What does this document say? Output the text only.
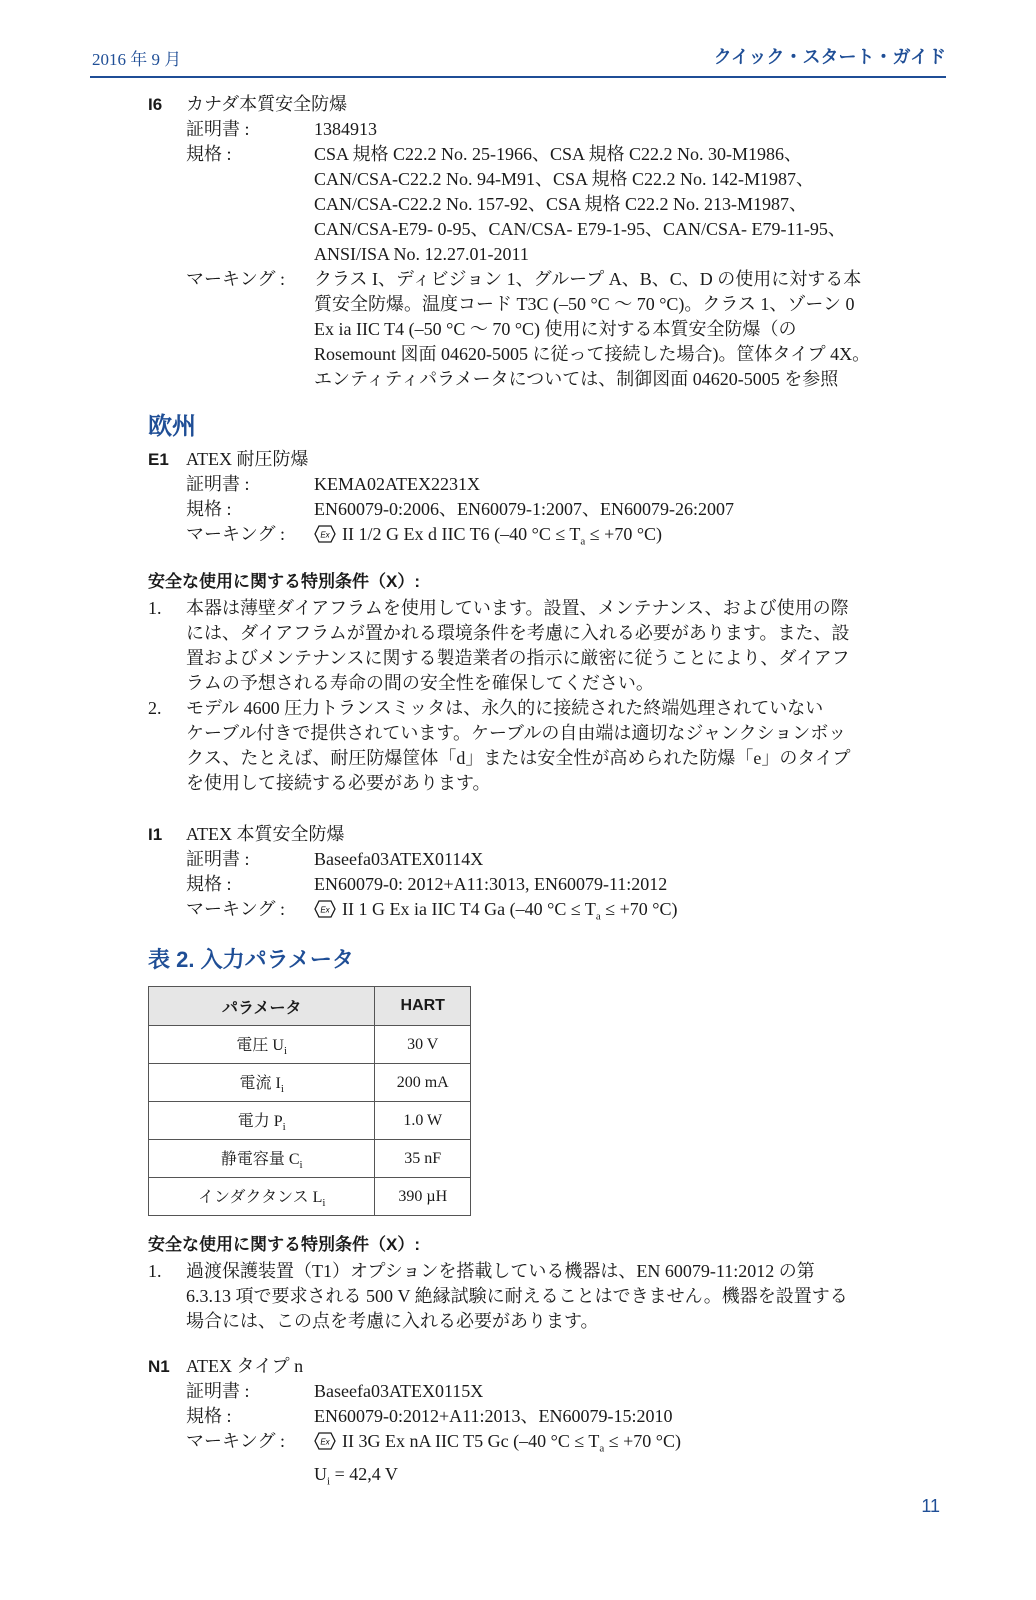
2016 年 9 月	クイック・スタート・ガイド
I6 カナダ本質安全防爆
証明書 :	1384913
規格 :	CSA 規格 C22.2 No. 25-1966、CSA 規格 C22.2 No. 30-M1986、
CAN/CSA-C22.2 No. 94-M91、CSA 規格 C22.2 No. 142-M1987、
CAN/CSA-C22.2 No. 157-92、CSA 規格 C22.2 No. 213-M1987、
CAN/CSA-E79- 0-95、CAN/CSA- E79-1-95、CAN/CSA- E79-11-95、
ANSI/ISA No. 12.27.01-2011
マーキング : クラス I、ディビジョン 1、グループ A、B、C、D の使用に対する本
質安全防爆。温度コード T3C (–50 °C ～ 70 °C)。クラス 1、ゾーン 0
Ex ia IIC T4 (–50 °C ～ 70 °C) 使用に対する本質安全防爆（の
Rosemount 図面 04620-5005 に従って接続した場合)。筐体タイプ 4X。
エンティティパラメータについては、制御図面 04620-5005 を参照
欧州
E1 ATEX 耐圧防爆
証明書 :	KEMA02ATEX2231X
規格 :	EN60079-0:2006、EN60079-1:2007、EN60079-26:2007
マーキング :	Ex II 1/2 G Ex d IIC T6 (–40 $^\circ C \le T_a \le +70$ °C)
安全な使用に関する特別条件（X）:
1. 本器は薄壁ダイアフラムを使用しています。設置、メンテナンス、および使用の際
には、ダイアフラムが置かれる環境条件を考慮に入れる必要があります。また、設
置およびメンテナンスに関する製造業者の指示に厳密に従うことにより、ダイアフ
ラムの予想される寿命の間の安全性を確保してください。
2. モデル 4600 圧力トランスミッタは、永久的に接続された終端処理されていない
ケーブル付きで提供されています。ケーブルの自由端は適切なジャンクションボッ
クス、たとえば、耐圧防爆筐体「d」または安全性が高められた防爆「e」のタイプ
を使用して接続する必要があります。
I1 ATEX 本質安全防爆
証明書 :	Baseefa03ATEX0114X
規格 :	EN60079-0: 2012+A11:3013, EN60079-11:2012
マーキング :	Ex II 1 G Ex ia IIC T4 Ga (–40 $^\circ C \le T_a \le +70$ °C)
表 2. 入力パラメータ
パラメータ	HART
電圧 $U_i$	30 V
電流 $I_i$	200 mA
電力 $P_i$	1.0 W
静電容量 $C_i$	35 nF
インダクタンス $L_i$	390 µH
安全な使用に関する特別条件（X）:
1. 過渡保護装置（T1）オプションを搭載している機器は、EN 60079-11:2012 の第
6.3.13 項で要求される 500 V 絶縁試験に耐えることはできません。機器を設置する
場合には、この点を考慮に入れる必要があります。
N1 ATEX タイプ n
証明書 :	Baseefa03ATEX0115X
規格 :	EN60079-0:2012+A11:2013、EN60079-15:2010
マーキング :	Ex II 3G Ex nA IIC T5 Gc (–40 $^\circ C \le T_a \le +70$ °C)
$U_i = 42,4$ V
11
